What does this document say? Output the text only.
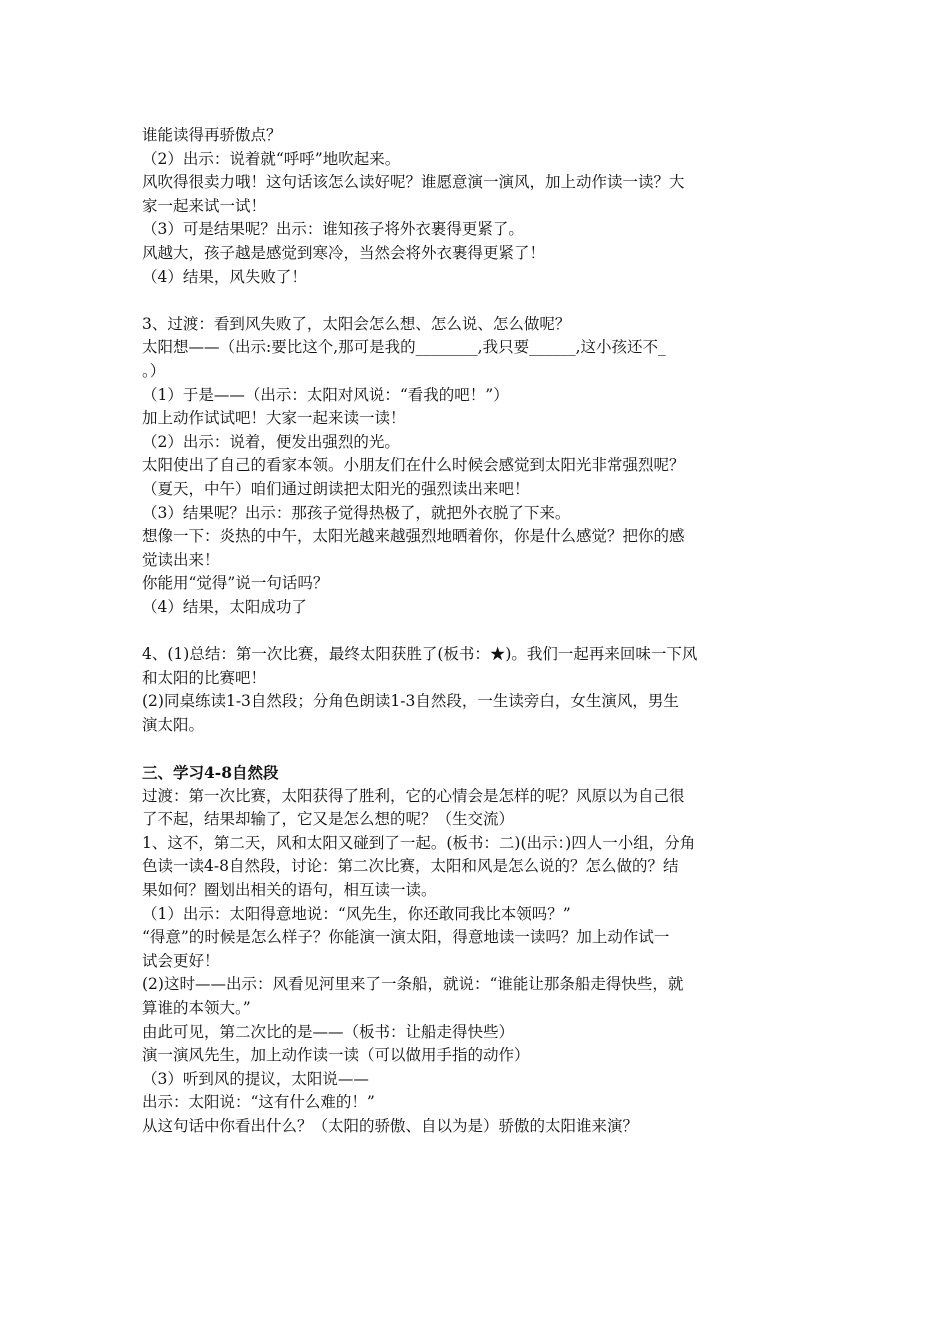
谁能读得再骄傲点？
（2）出示：说着就“呼呼”地吹起来。
风吹得很卖力哦！这句话该怎么读好呢？谁愿意演一演风，加上动作读一读？大
家一起来试一试！
（3）可是结果呢？出示：谁知孩子将外衣裹得更紧了。
风越大，孩子越是感觉到寒冷，当然会将外衣裹得更紧了！
（4）结果，风失败了！
3、过渡：看到风失败了，太阳会怎么想、怎么说、怎么做呢？
太阳想——（出示:要比这个,那可是我的________,我只要______,这小孩还不_
。）
（1）于是——（出示：太阳对风说：“看我的吧！”）
加上动作试试吧！大家一起来读一读！
（2）出示：说着，便发出强烈的光。
太阳使出了自己的看家本领。小朋友们在什么时候会感觉到太阳光非常强烈呢？
（夏天，中午）咱们通过朗读把太阳光的强烈读出来吧！
（3）结果呢？出示：那孩子觉得热极了，就把外衣脱了下来。
想像一下：炎热的中午，太阳光越来越强烈地晒着你，你是什么感觉？把你的感
觉读出来！
你能用“觉得”说一句话吗？
（4）结果，太阳成功了
4、(1)总结：第一次比赛，最终太阳获胜了(板书：★)。我们一起再来回味一下风
和太阳的比赛吧！
(2)同桌练读1-3自然段；分角色朗读1-3自然段，一生读旁白，女生演风，男生
演太阳。
三、学习4-8自然段
过渡：第一次比赛，太阳获得了胜利，它的心情会是怎样的呢？风原以为自己很
了不起，结果却输了，它又是怎么想的呢？（生交流）
1、这不，第二天，风和太阳又碰到了一起。(板书：二)(出示：)四人一小组，分角
色读一读4-8自然段，讨论：第二次比赛，太阳和风是怎么说的？怎么做的？结
果如何？圈划出相关的语句，相互读一读。
（1）出示：太阳得意地说：“风先生，你还敢同我比本领吗？”
“得意”的时候是怎么样子？你能演一演太阳，得意地读一读吗？加上动作试一
试会更好！
(2)这时——出示：风看见河里来了一条船，就说：“谁能让那条船走得快些，就
算谁的本领大。”
由此可见，第二次比的是——（板书：让船走得快些）
演一演风先生，加上动作读一读（可以做用手指的动作）
（3）听到风的提议，太阳说——
出示：太阳说：“这有什么难的！”
从这句话中你看出什么？（太阳的骄傲、自以为是）骄傲的太阳谁来演？
